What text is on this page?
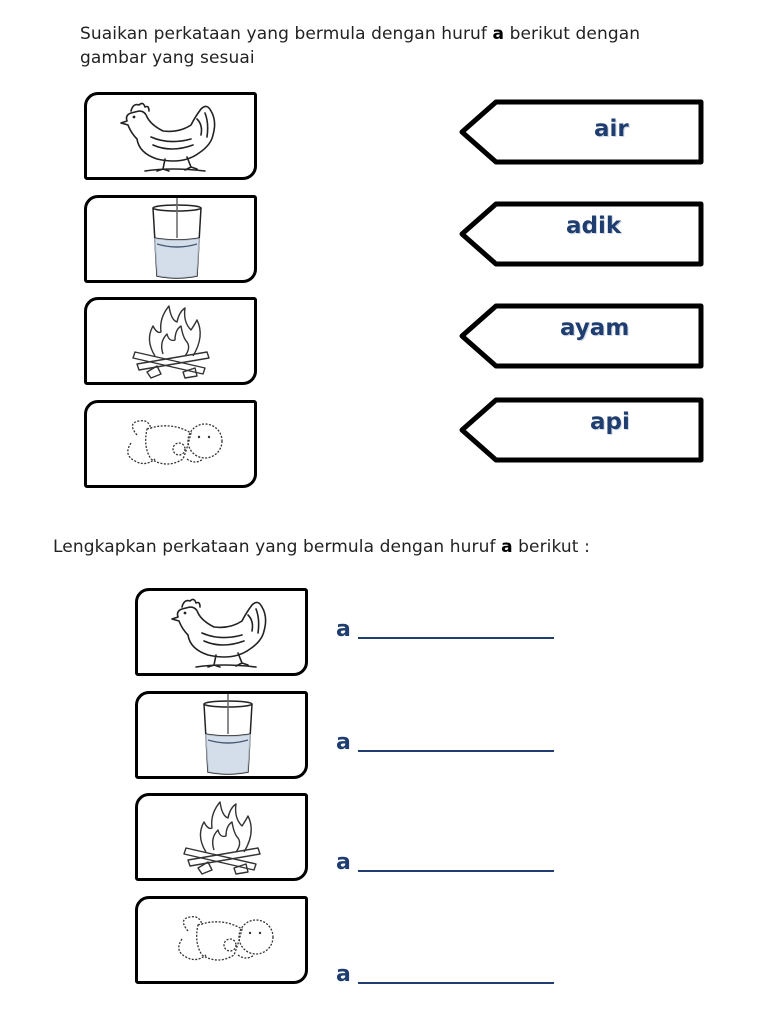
Suaikan perkataan yang bermula dengan huruf a berikut dengan gambar yang sesuai
air
adik
ayam
api
Lengkapkan perkataan yang bermula dengan huruf a berikut :
a
a
a
a
